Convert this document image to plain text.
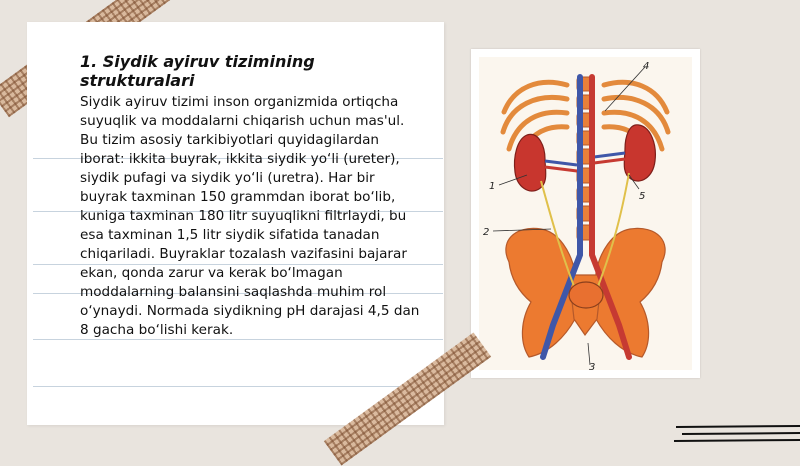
1. Siydik ayiruv tizimining strukturalari

Siydik ayiruv tizimi inson organizmida ortiqcha suyuqlik va moddalarni chiqarish uchun mas'ul. Bu tizim asosiy tarkibiyotlari quyidagilardan iborat: ikkita buyrak, ikkita siydik yo‘li (ureter), siydik pufagi va siydik yo‘li (uretra). Har bir buyrak taxminan 150 grammdan iborat bo‘lib, kuniga taxminan 180 litr suyuqlikni filtrlaydi, bu esa taxminan 1,5 litr siydik sifatida tanadan chiqariladi. Buyraklar tozalash vazifasini bajarar ekan, qonda zarur va kerak bo‘lmagan moddalarning balansini saqlashda muhim rol o‘ynaydi. Normada siydikning pH darajasi 4,5 dan 8 gacha bo‘lishi kerak.

1
2
3
4
5
